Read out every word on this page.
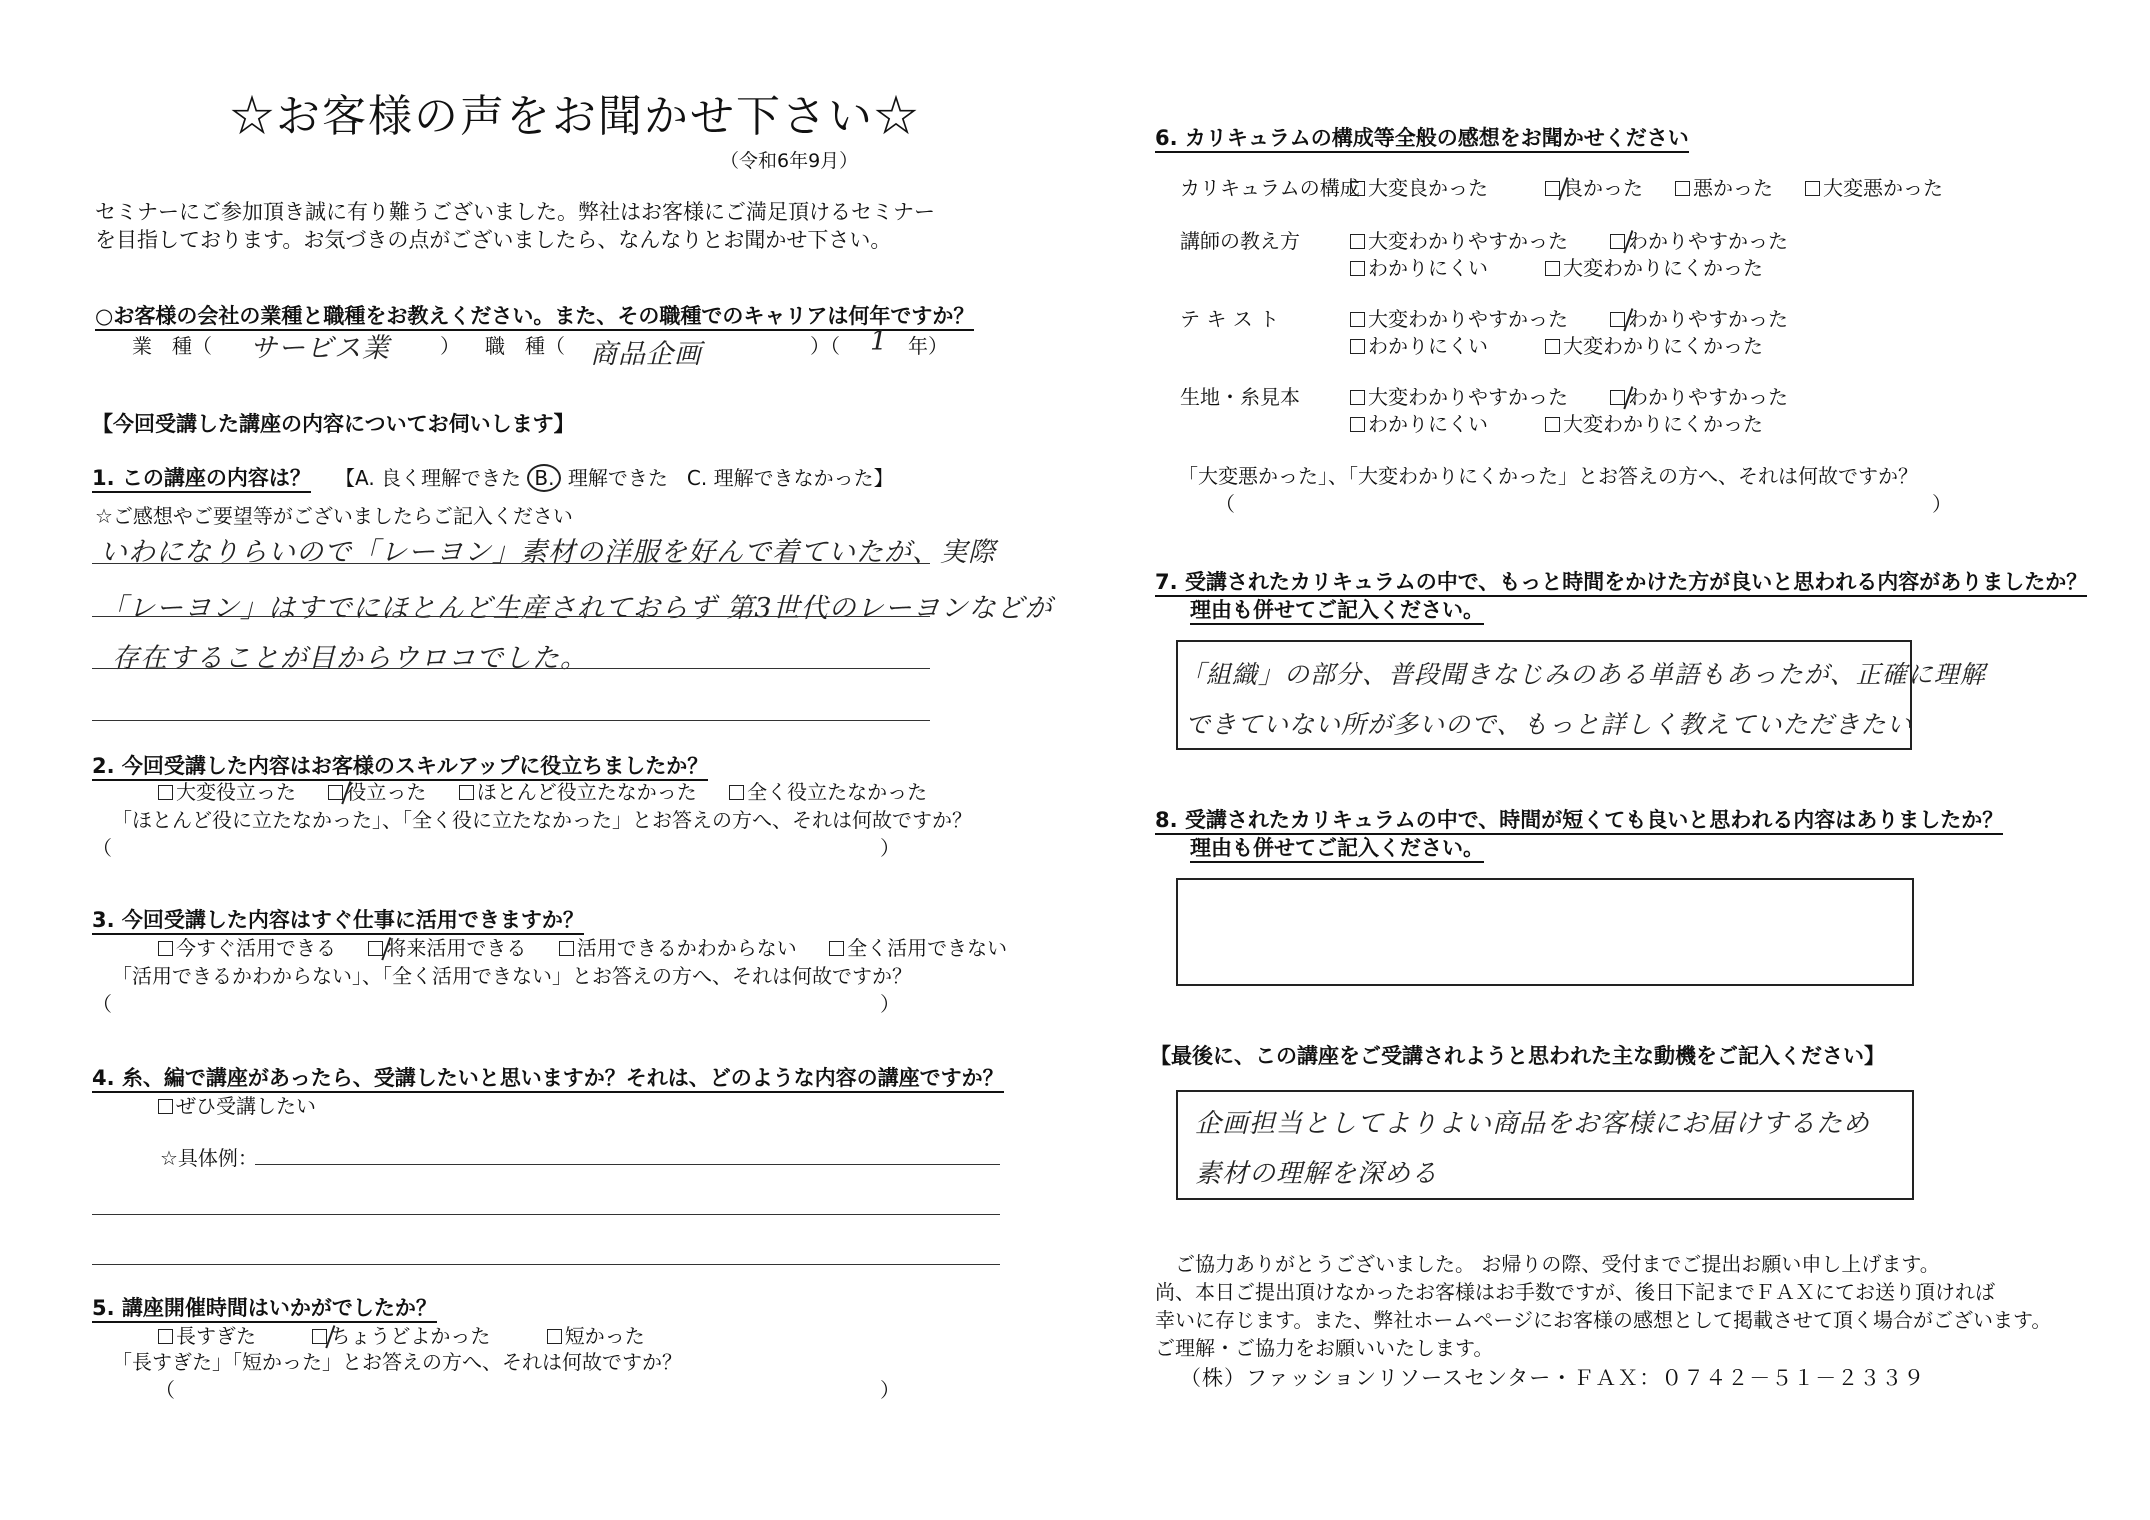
☆お客様の声をお聞かせ下さい☆
（令和6年9月）
セミナーにご参加頂き誠に有り難うございました。弊社はお客様にご満足頂けるセミナー
を目指しております。お気づきの点がございましたら、なんなりとお聞かせ下さい。
○お客様の会社の業種と職種をお教えください。また、その職種でのキャリアは何年ですか？
業　種（ サービス業	） 職　種（ 商品企画	）（ 1 年）
【今回受講した講座の内容についてお伺いします】
1. この講座の内容は？ 【A. 良く理解できた B. 理解できた C. 理解できなかった】
☆ご感想やご要望等がございましたらご記入ください
いわになりらいので「レーヨン」素材の洋服を好んで着ていたが、実際
「レーヨン」はすでにほとんど生産されておらず 第3世代のレーヨンなどが
存在することが目からウロコでした。
2. 今回受講した内容はお客様のスキルアップに役立ちましたか？
大変役立った	役立った	ほとんど役立たなかった	全く役立たなかった
「ほとんど役に立たなかった」、「全く役に立たなかった」とお答えの方へ、それは何故ですか？
（	）
3. 今回受講した内容はすぐ仕事に活用できますか？
今すぐ活用できる	将来活用できる	活用できるかわからない	全く活用できない
「活用できるかわからない」、「全く活用できない」とお答えの方へ、それは何故ですか？
（	）
4. 糸、編で講座があったら、受講したいと思いますか？それは、どのような内容の講座ですか？
ぜひ受講したい
☆具体例：
5. 講座開催時間はいかがでしたか？
長すぎた	ちょうどよかった	短かった
「長すぎた」「短かった」とお答えの方へ、それは何故ですか？
（	）
6. カリキュラムの構成等全般の感想をお聞かせください
カリキュラムの構成 大変良かった	良かった	悪かった	大変悪かった
講師の教え方	大変わかりやすかった	わかりやすかった
わかりにくい	大変わかりにくかった
テ キ ス ト	大変わかりやすかった	わかりやすかった
わかりにくい	大変わかりにくかった
生地・糸見本	大変わかりやすかった	わかりやすかった
わかりにくい	大変わかりにくかった
「大変悪かった」、「大変わかりにくかった」とお答えの方へ、それは何故ですか？
（	）
7. 受講されたカリキュラムの中で、もっと時間をかけた方が良いと思われる内容がありましたか？
理由も併せてご記入ください。
「組織」の部分、普段聞きなじみのある単語もあったが、正確に理解
できていない所が多いので、もっと詳しく教えていただきたい
8. 受講されたカリキュラムの中で、時間が短くても良いと思われる内容はありましたか？
理由も併せてご記入ください。
【最後に、この講座をご受講されようと思われた主な動機をご記入ください】
企画担当としてよりよい商品をお客様にお届けするため
素材の理解を深める
ご協力ありがとうございました。 お帰りの際、受付までご提出お願い申し上げます。
尚、本日ご提出頂けなかったお客様はお手数ですが、後日下記までＦＡＸにてお送り頂ければ
幸いに存じます。また、弊社ホームページにお客様の感想として掲載させて頂く場合がございます。
ご理解・ご協力をお願いいたします。
（株）ファッションリソースセンター・ＦＡＸ：０７４２－５１－２３３９
